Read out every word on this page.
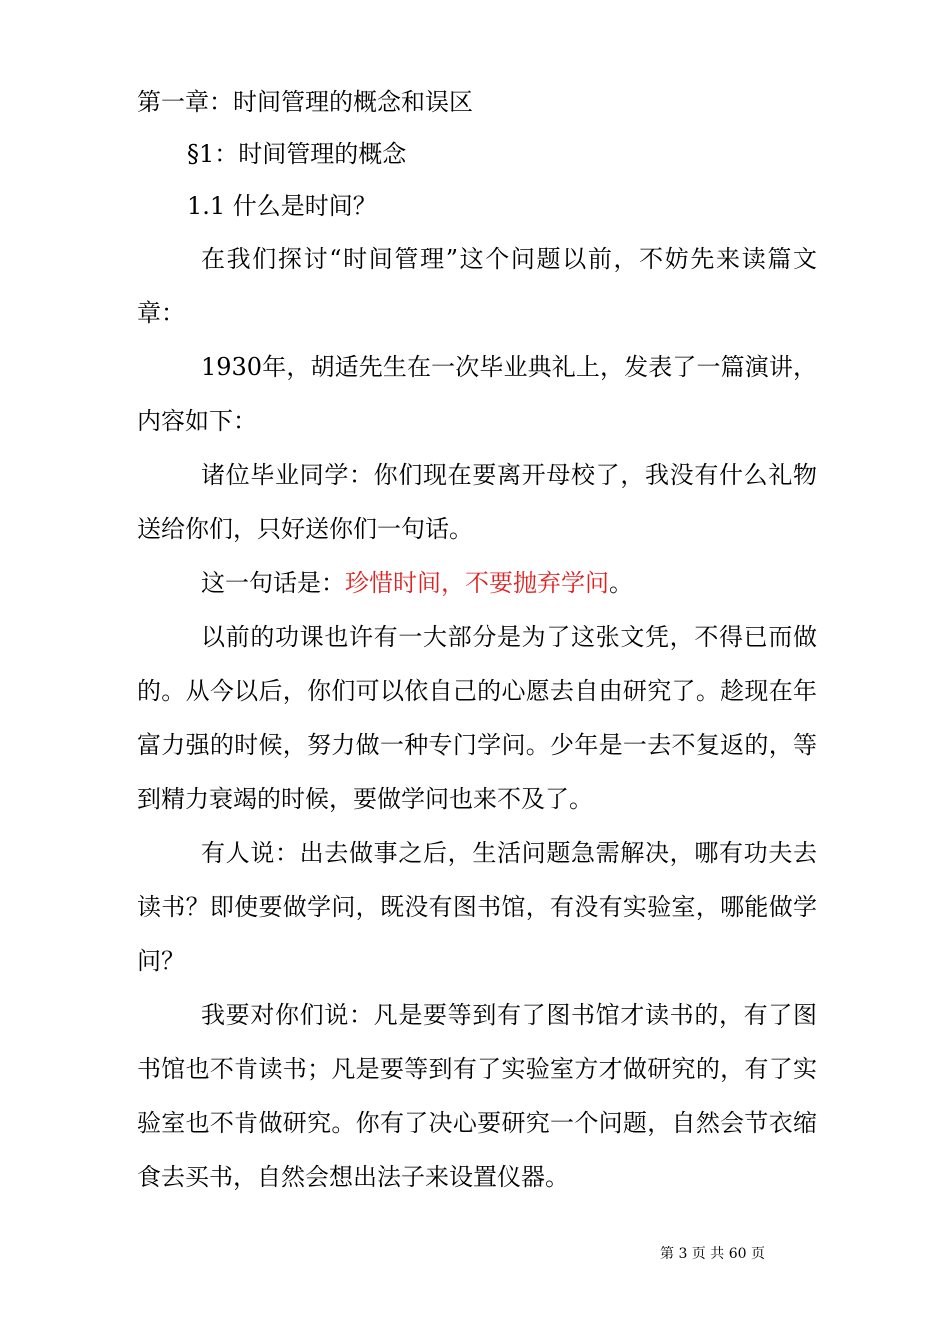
第一章：时间管理的概念和误区

§1：时间管理的概念

1.1 什么是时间？

在我们探讨“时间管理”这个问题以前，不妨先来读篇文章：

1930年，胡适先生在一次毕业典礼上，发表了一篇演讲，内容如下：

诸位毕业同学：你们现在要离开母校了，我没有什么礼物送给你们，只好送你们一句话。

这一句话是：珍惜时间，不要抛弃学问。

以前的功课也许有一大部分是为了这张文凭，不得已而做的。从今以后，你们可以依自己的心愿去自由研究了。趁现在年富力强的时候，努力做一种专门学问。少年是一去不复返的，等到精力衰竭的时候，要做学问也来不及了。

有人说：出去做事之后，生活问题急需解决，哪有功夫去读书？即使要做学问，既没有图书馆，有没有实验室，哪能做学问？

我要对你们说：凡是要等到有了图书馆才读书的，有了图书馆也不肯读书；凡是要等到有了实验室方才做研究的，有了实验室也不肯做研究。你有了决心要研究一个问题，自然会节衣缩食去买书，自然会想出法子来设置仪器。

第 3 页 共 60 页
